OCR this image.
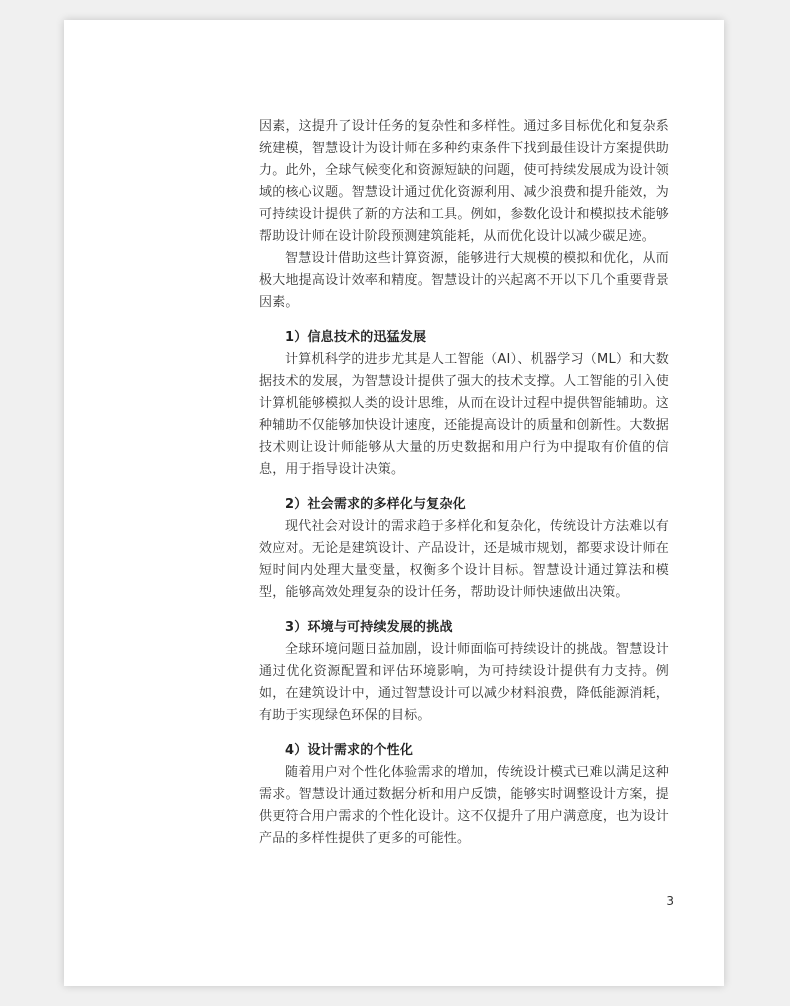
因素，这提升了设计任务的复杂性和多样性。通过多目标优化和复杂系统建模，智慧设计为设计师在多种约束条件下找到最佳设计方案提供助力。此外，全球气候变化和资源短缺的问题，使可持续发展成为设计领域的核心议题。智慧设计通过优化资源利用、减少浪费和提升能效，为可持续设计提供了新的方法和工具。例如，参数化设计和模拟技术能够帮助设计师在设计阶段预测建筑能耗，从而优化设计以减少碳足迹。

智慧设计借助这些计算资源，能够进行大规模的模拟和优化，从而极大地提高设计效率和精度。智慧设计的兴起离不开以下几个重要背景因素。

1）信息技术的迅猛发展

计算机科学的进步尤其是人工智能（AI）、机器学习（ML）和大数据技术的发展，为智慧设计提供了强大的技术支撑。人工智能的引入使计算机能够模拟人类的设计思维，从而在设计过程中提供智能辅助。这种辅助不仅能够加快设计速度，还能提高设计的质量和创新性。大数据技术则让设计师能够从大量的历史数据和用户行为中提取有价值的信息，用于指导设计决策。

2）社会需求的多样化与复杂化

现代社会对设计的需求趋于多样化和复杂化，传统设计方法难以有效应对。无论是建筑设计、产品设计，还是城市规划，都要求设计师在短时间内处理大量变量，权衡多个设计目标。智慧设计通过算法和模型，能够高效处理复杂的设计任务，帮助设计师快速做出决策。

3）环境与可持续发展的挑战

全球环境问题日益加剧，设计师面临可持续设计的挑战。智慧设计通过优化资源配置和评估环境影响，为可持续设计提供有力支持。例如，在建筑设计中，通过智慧设计可以减少材料浪费，降低能源消耗，有助于实现绿色环保的目标。

4）设计需求的个性化

随着用户对个性化体验需求的增加，传统设计模式已难以满足这种需求。智慧设计通过数据分析和用户反馈，能够实时调整设计方案，提供更符合用户需求的个性化设计。这不仅提升了用户满意度，也为设计产品的多样性提供了更多的可能性。

3
